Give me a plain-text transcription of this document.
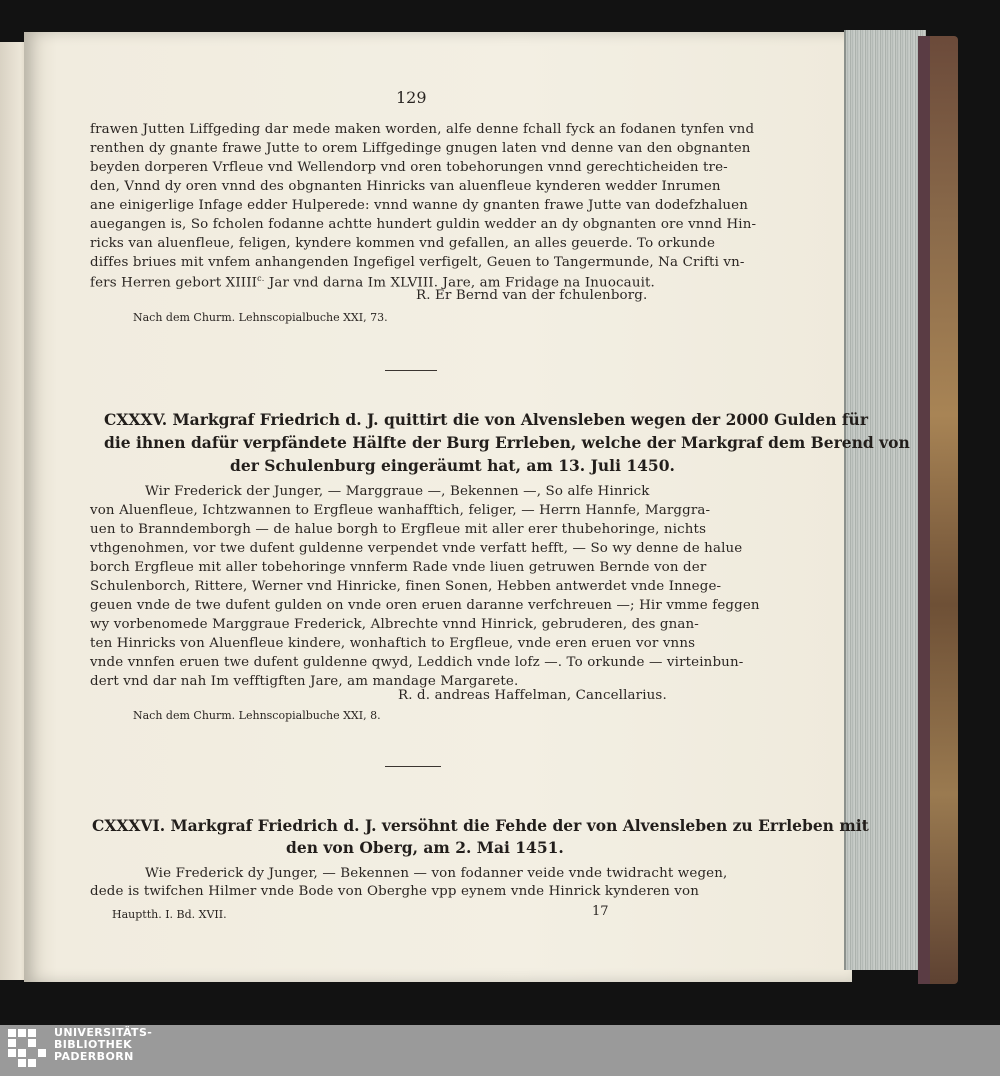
129
frawen Jutten Liffgeding dar mede maken worden, alfe denne fchall fyck an fodanen tynfen vnd
renthen dy gnante frawe Jutte to orem Liffgedinge gnugen laten vnd denne van den obgnanten
beyden dorperen Vrfleue vnd Wellendorp vnd oren tobehorungen vnnd gerechticheiden tre-
den, Vnnd dy oren vnnd des obgnanten Hinricks van aluenfleue kynderen wedder Inrumen
ane einigerlige Infage edder Hulperede: vnnd wanne dy gnanten frawe Jutte van dodefzhaluen
auegangen is, So fcholen fodanne achtte hundert guldin wedder an dy obgnanten ore vnnd Hin-
ricks van aluenfleue, feligen, kyndere kommen vnd gefallen, an alles geuerde. To orkunde
diffes briues mit vnfem anhangenden Ingefigel verfigelt, Geuen to Tangermunde, Na Crifti vn-
fers Herren gebort $XIIII^{c.}$ Jar vnd darna Im XLVIII. Jare, am Fridage na Inuocauit.
R. Er Bernd van der fchulenborg.
Nach dem Churm. Lehnscopialbuche XXI, 73.
CXXXV. Markgraf Friedrich d. J. quittirt die von Alvensleben wegen der 2000 Gulden für
die ihnen dafür verpfändete Hälfte der Burg Errleben, welche der Markgraf dem Berend von
der Schulenburg eingeräumt hat, am 13. Juli 1450.
Wir Frederick der Junger, — Marggraue —, Bekennen —, So alfe Hinrick
von Aluenfleue, Ichtzwannen to Ergfleue wanhafftich, feliger, — Herrn Hannfe, Marggra-
uen to Branndemborgh — de halue borgh to Ergfleue mit aller erer thubehoringe, nichts
vthgenohmen, vor twe dufent guldenne verpendet vnde verfatt hefft, — So wy denne de halue
borch Ergfleue mit aller tobehoringe vnnferm Rade vnde liuen getruwen Bernde von der
Schulenborch, Rittere, Werner vnd Hinricke, finen Sonen, Hebben antwerdet vnde Innege-
geuen vnde de twe dufent gulden on vnde oren eruen daranne verfchreuen —; Hir vmme feggen
wy vorbenomede Marggraue Frederick, Albrechte vnnd Hinrick, gebruderen, des gnan-
ten Hinricks von Aluenfleue kindere, wonhaftich to Ergfleue, vnde eren eruen vor vnns
vnde vnnfen eruen twe dufent guldenne qwyd, Leddich vnde lofz —. To orkunde — virteinbun-
dert vnd dar nah Im vefftigften Jare, am mandage Margarete.
R. d. andreas Haffelman, Cancellarius.
Nach dem Churm. Lehnscopialbuche XXI, 8.
CXXXVI. Markgraf Friedrich d. J. versöhnt die Fehde der von Alvensleben zu Errleben mit
den von Oberg, am 2. Mai 1451.
Wie Frederick dy Junger, — Bekennen — von fodanner veide vnde twidracht wegen,
dede is twifchen Hilmer vnde Bode von Oberghe vpp eynem vnde Hinrick kynderen von
Hauptth. I. Bd. XVII.	17
UNIVERSITÄTS-
BIBLIOTHEK
PADERBORN
